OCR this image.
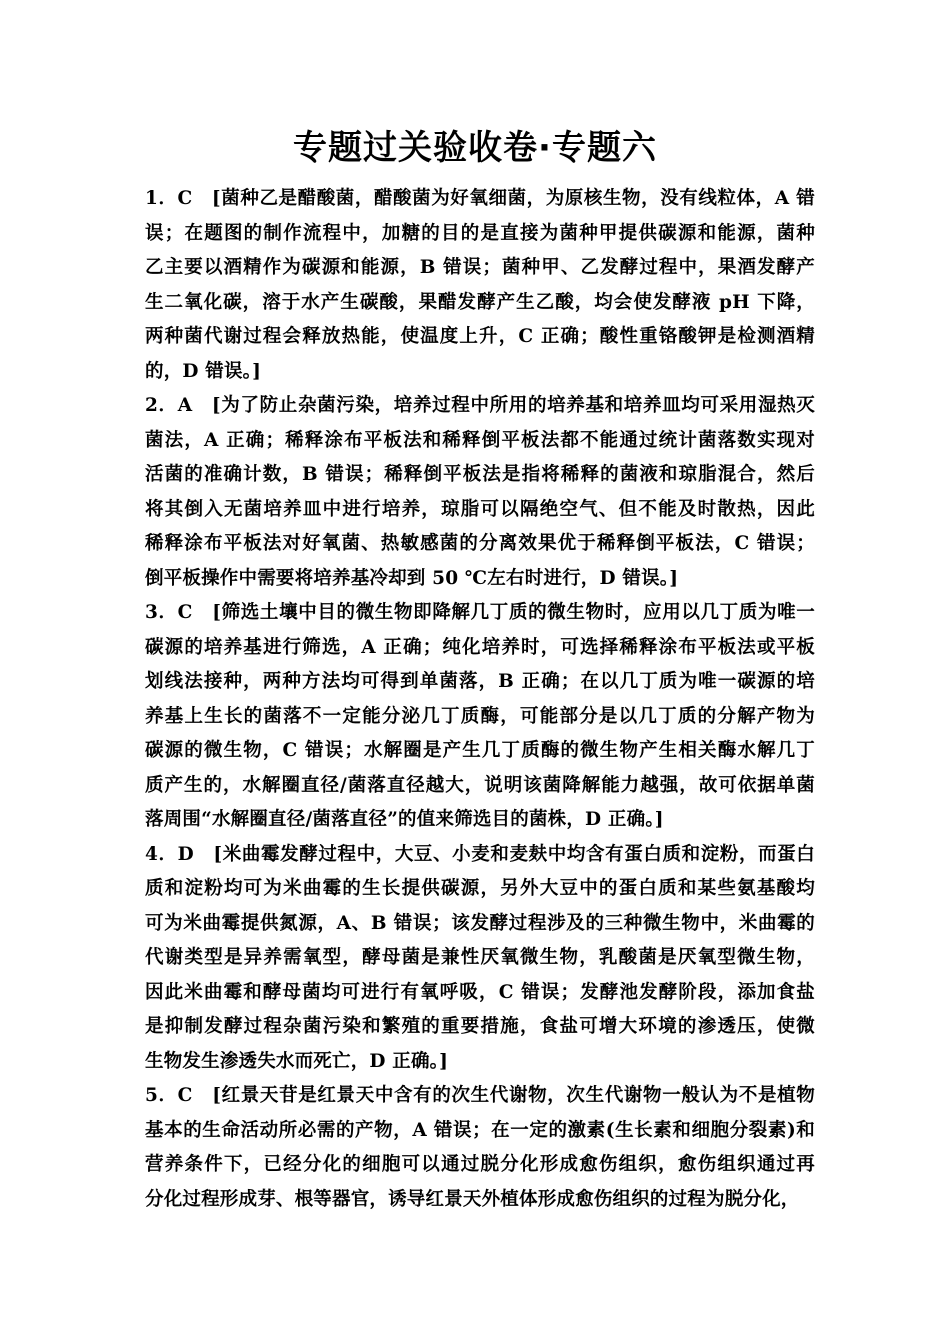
专题过关验收卷·专题六
1．C　[菌种乙是醋酸菌，醋酸菌为好氧细菌，为原核生物，没有线粒体，A 错
误；在题图的制作流程中，加糖的目的是直接为菌种甲提供碳源和能源，菌种
乙主要以酒精作为碳源和能源，B 错误；菌种甲、乙发酵过程中，果酒发酵产
生二氧化碳，溶于水产生碳酸，果醋发酵产生乙酸，均会使发酵液 pH 下降，
两种菌代谢过程会释放热能，使温度上升，C 正确；酸性重铬酸钾是检测酒精
的，D 错误。]
2．A　[为了防止杂菌污染，培养过程中所用的培养基和培养皿均可采用湿热灭
菌法，A 正确；稀释涂布平板法和稀释倒平板法都不能通过统计菌落数实现对
活菌的准确计数，B 错误；稀释倒平板法是指将稀释的菌液和琼脂混合，然后
将其倒入无菌培养皿中进行培养，琼脂可以隔绝空气、但不能及时散热，因此
稀释涂布平板法对好氧菌、热敏感菌的分离效果优于稀释倒平板法，C 错误；
倒平板操作中需要将培养基冷却到 50 ℃左右时进行，D 错误。]
3．C　[筛选土壤中目的微生物即降解几丁质的微生物时，应用以几丁质为唯一
碳源的培养基进行筛选，A 正确；纯化培养时，可选择稀释涂布平板法或平板
划线法接种，两种方法均可得到单菌落，B 正确；在以几丁质为唯一碳源的培
养基上生长的菌落不一定能分泌几丁质酶，可能部分是以几丁质的分解产物为
碳源的微生物，C 错误；水解圈是产生几丁质酶的微生物产生相关酶水解几丁
质产生的，水解圈直径/菌落直径越大，说明该菌降解能力越强，故可依据单菌
落周围“水解圈直径/菌落直径”的值来筛选目的菌株，D 正确。]
4．D　[米曲霉发酵过程中，大豆、小麦和麦麸中均含有蛋白质和淀粉，而蛋白
质和淀粉均可为米曲霉的生长提供碳源，另外大豆中的蛋白质和某些氨基酸均
可为米曲霉提供氮源，A、B 错误；该发酵过程涉及的三种微生物中，米曲霉的
代谢类型是异养需氧型，酵母菌是兼性厌氧微生物，乳酸菌是厌氧型微生物，
因此米曲霉和酵母菌均可进行有氧呼吸，C 错误；发酵池发酵阶段，添加食盐
是抑制发酵过程杂菌污染和繁殖的重要措施，食盐可增大环境的渗透压，使微
生物发生渗透失水而死亡，D 正确。]
5．C　[红景天苷是红景天中含有的次生代谢物，次生代谢物一般认为不是植物
基本的生命活动所必需的产物，A 错误；在一定的激素(生长素和细胞分裂素)和
营养条件下，已经分化的细胞可以通过脱分化形成愈伤组织，愈伤组织通过再
分化过程形成芽、根等器官，诱导红景天外植体形成愈伤组织的过程为脱分化，
